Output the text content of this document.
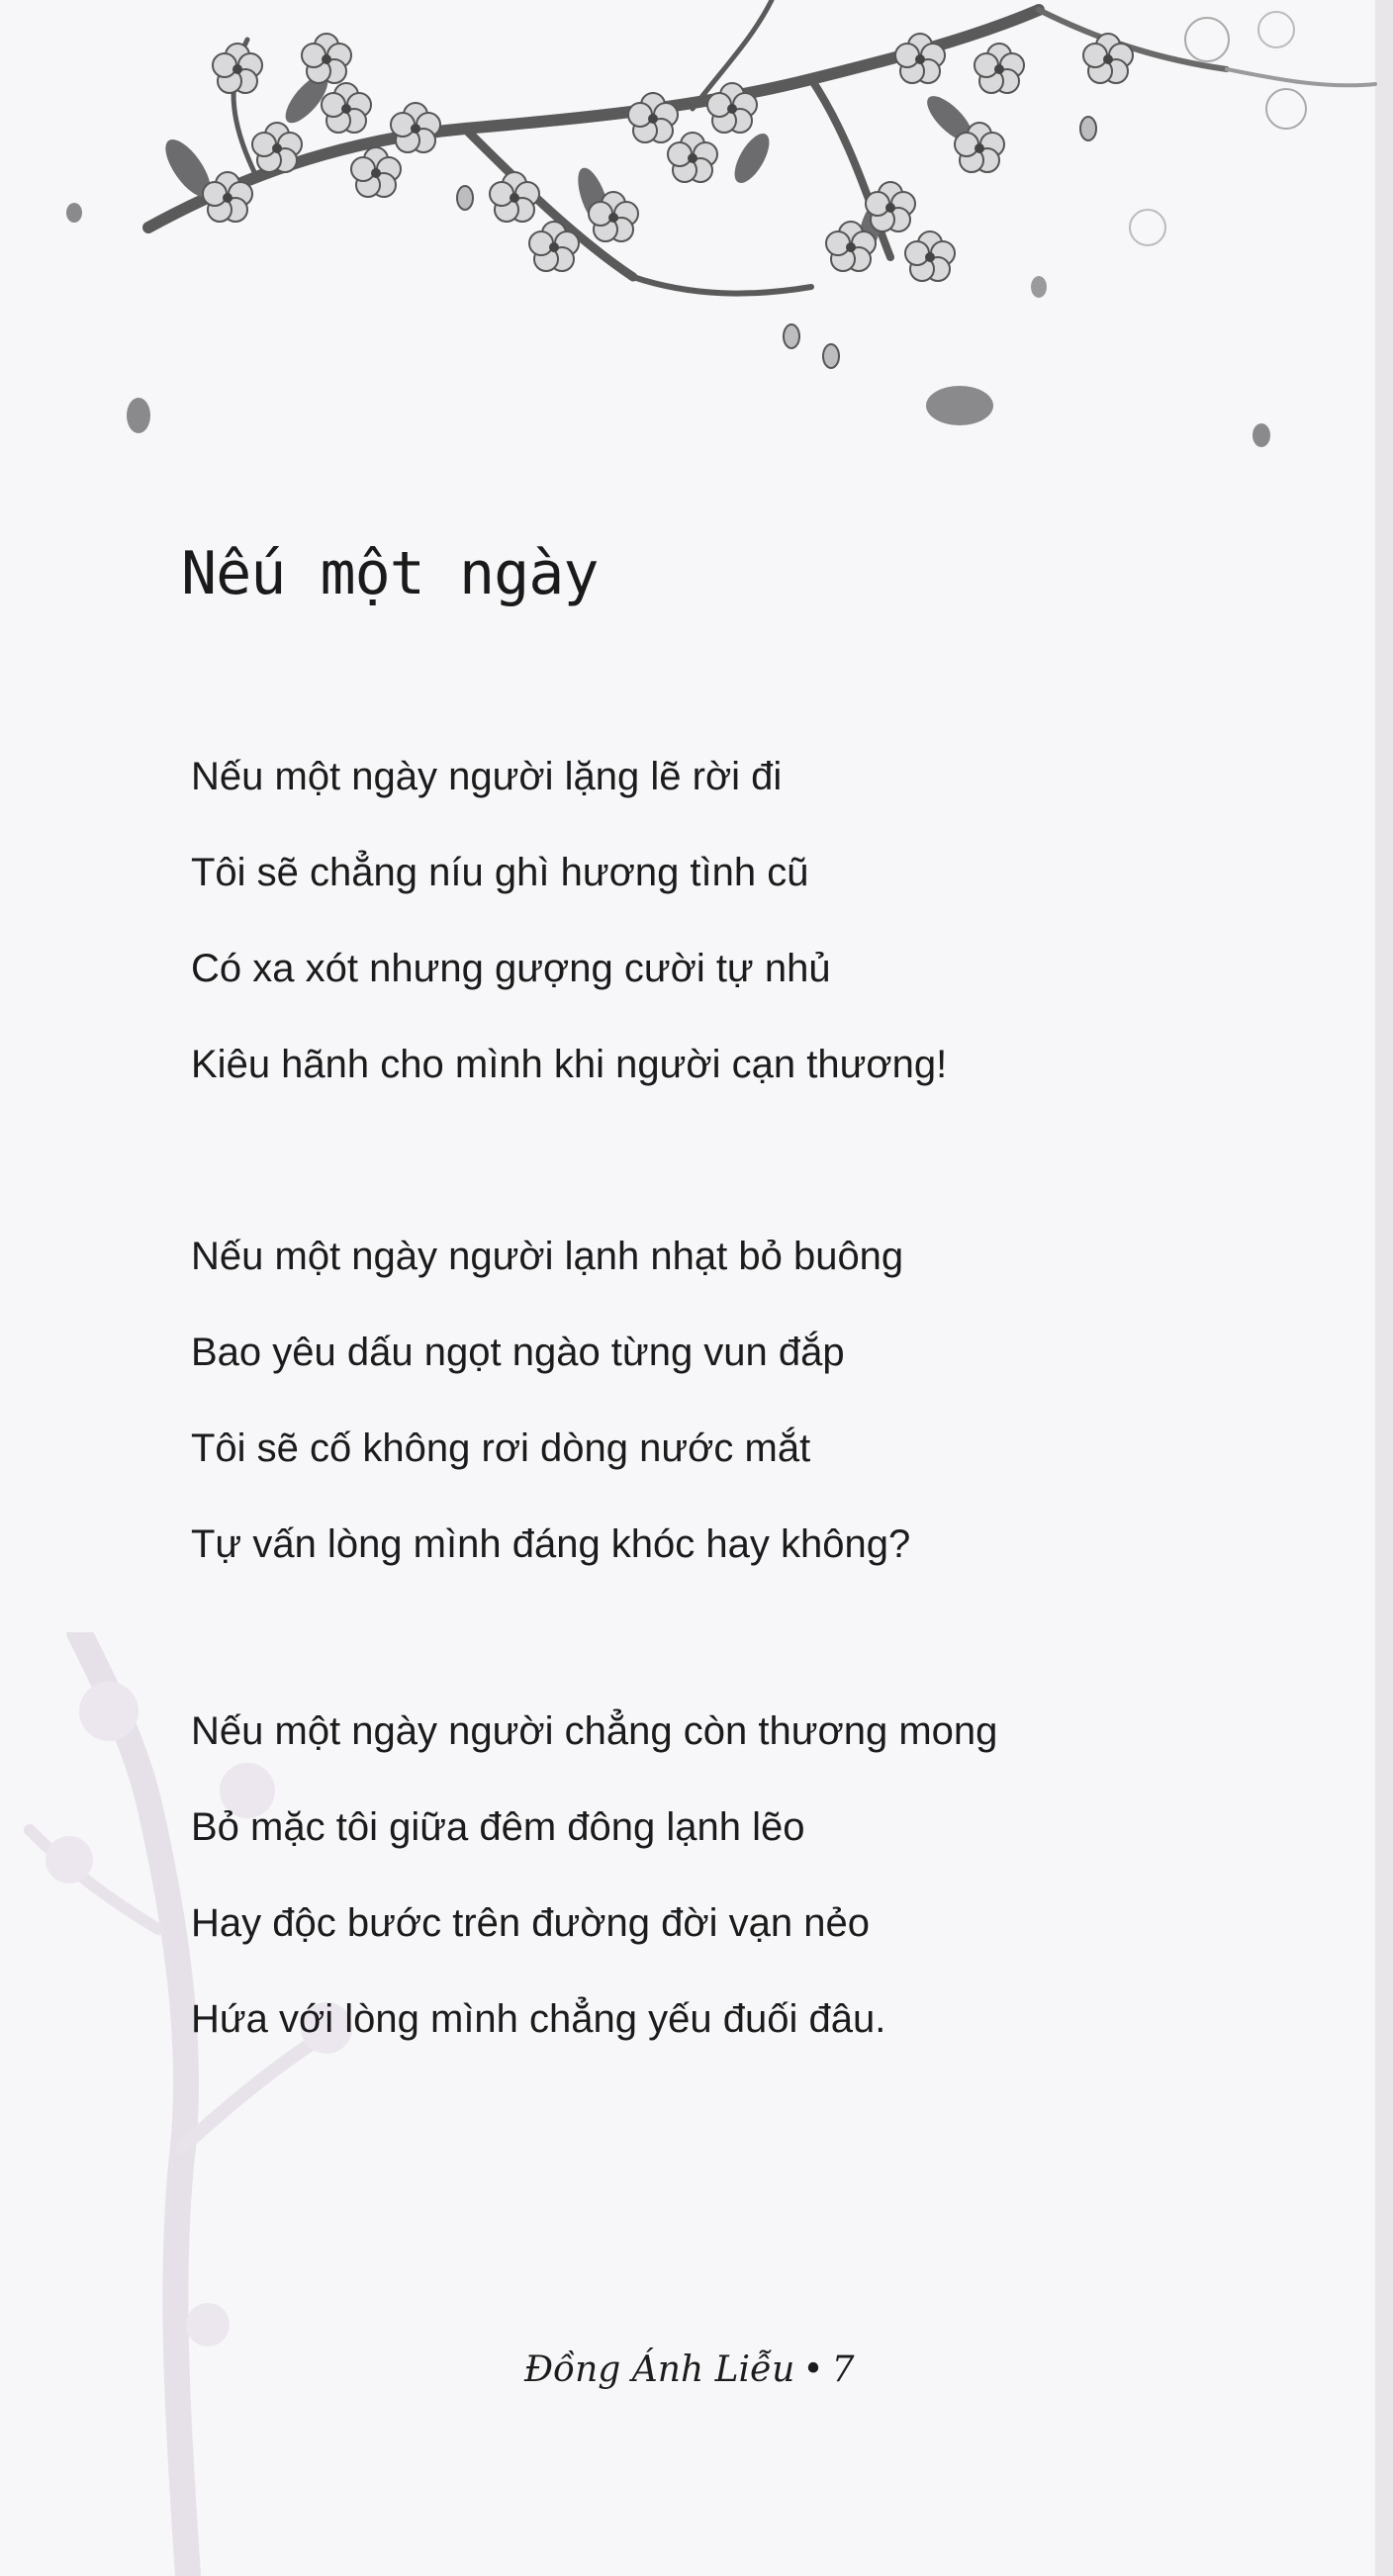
Nếu một ngày
Nếu một ngày người lặng lẽ rời đi
Tôi sẽ chẳng níu ghì hương tình cũ
Có xa xót nhưng gượng cười tự nhủ
Kiêu hãnh cho mình khi người cạn thương!
Nếu một ngày người lạnh nhạt bỏ buông
Bao yêu dấu ngọt ngào từng vun đắp
Tôi sẽ cố không rơi dòng nước mắt
Tự vấn lòng mình đáng khóc hay không?
Nếu một ngày người chẳng còn thương mong
Bỏ mặc tôi giữa đêm đông lạnh lẽo
Hay độc bước trên đường đời vạn nẻo
Hứa với lòng mình chẳng yếu đuối đâu.
Đồng Ánh Liễu • 7
